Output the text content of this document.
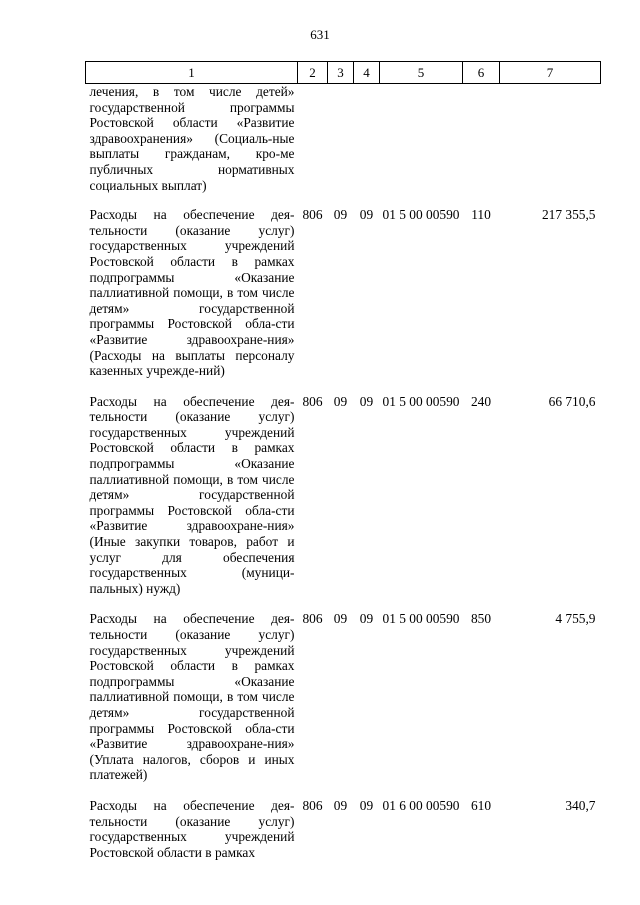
631
1	2	3	4	5	6	7
лечения, в том числе детей» государственной программы Ростовской области «Развитие здравоохранения» (Социаль-ные выплаты гражданам, кро-ме публичных нормативных социальных выплат)						
Расходы на обеспечение дея-тельности (оказание услуг) государственных учреждений Ростовской области в рамках подпрограммы «Оказание паллиативной помощи, в том числе детям» государственной программы Ростовской обла-сти «Развитие здравоохране-ния» (Расходы на выплаты персоналу казенных учрежде-ний)	806	09	09	01 5 00 00590	110	217 355,5
Расходы на обеспечение дея-тельности (оказание услуг) государственных учреждений Ростовской области в рамках подпрограммы «Оказание паллиативной помощи, в том числе детям» государственной программы Ростовской обла-сти «Развитие здравоохране-ния» (Иные закупки товаров, работ и услуг для обеспечения государственных (муници-пальных) нужд)	806	09	09	01 5 00 00590	240	66 710,6
Расходы на обеспечение дея-тельности (оказание услуг) государственных учреждений Ростовской области в рамках подпрограммы «Оказание паллиативной помощи, в том числе детям» государственной программы Ростовской обла-сти «Развитие здравоохране-ния» (Уплата налогов, сборов и иных платежей)	806	09	09	01 5 00 00590	850	4 755,9
Расходы на обеспечение дея-тельности (оказание услуг) государственных учреждений Ростовской области в рамках	806	09	09	01 6 00 00590	610	340,7
